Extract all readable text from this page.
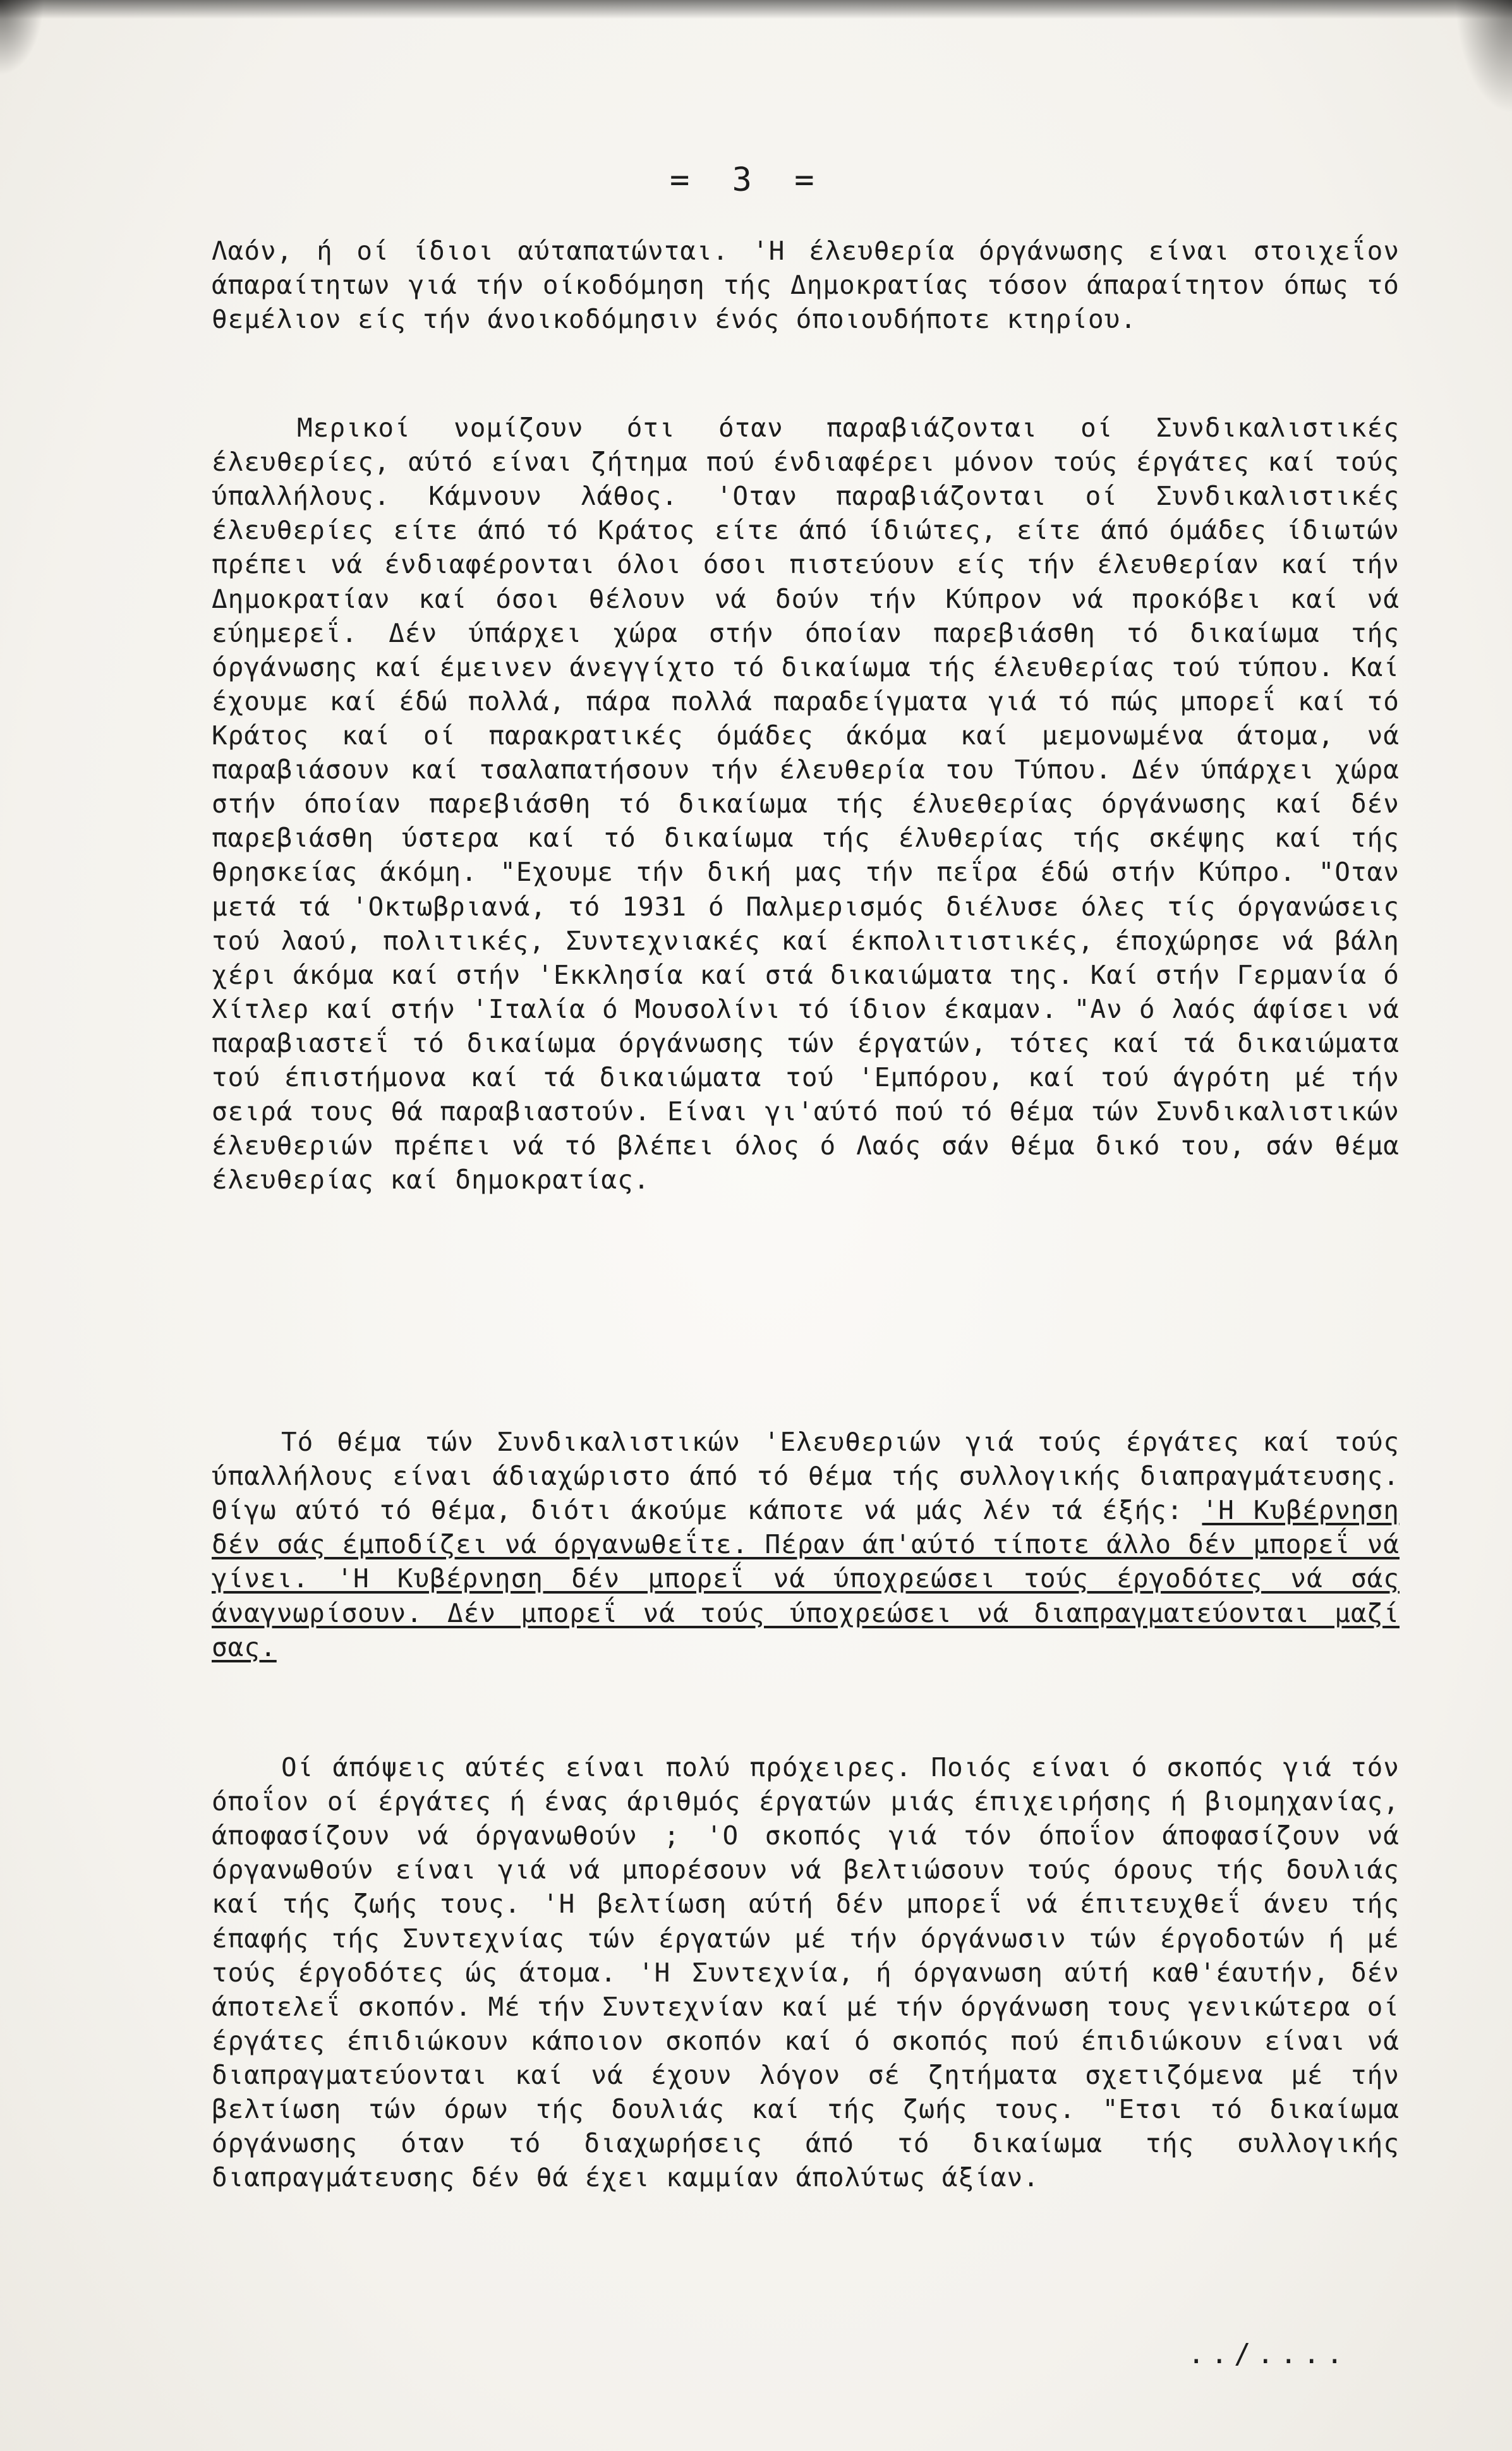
= 3 =
Λαόν, ή οί ίδιοι αύταπατώνται. 'Η έλευθερία όργάνωσης είναι στοιχεΐον άπαραίτητων γιά τήν οίκοδόμηση τής Δημοκρατίας τόσον άπαραίτητον όπως τό θεμέλιον είς τήν άνοικοδόμησιν ένός όποιουδήποτε κτηρίου.
Μερικοί νομίζουν ότι όταν παραβιάζονται οί Συνδικαλιστικές έλευθερίες, αύτό είναι ζήτημα πού ένδιαφέρει μόνον τούς έργάτες καί τούς ύπαλλήλους. Κάμνουν λάθος. 'Οταν παραβιάζονται οί Συνδικαλιστικές έλευθερίες είτε άπό τό Κράτος είτε άπό ίδιώτες, είτε άπό όμάδες ίδιωτών πρέπει νά ένδιαφέρονται όλοι όσοι πιστεύουν είς τήν έλευθερίαν καί τήν Δημοκρατίαν καί όσοι θέλουν νά δούν τήν Κύπρον νά προκόβει καί νά εύημερεΐ. Δέν ύπάρχει χώρα στήν όποίαν παρεβιάσθη τό δικαίωμα τής όργάνωσης καί έμεινεν άνεγγίχτο τό δικαίωμα τής έλευθερίας τού τύπου. Καί έχουμε καί έδώ πολλά, πάρα πολλά παραδείγματα γιά τό πώς μπορεΐ καί τό Κράτος καί οί παρακρατικές όμάδες άκόμα καί μεμονωμένα άτομα, νά παραβιάσουν καί τσαλαπατήσουν τήν έλευθερία του Τύπου. Δέν ύπάρχει χώρα στήν όποίαν παρεβιάσθη τό δικαίωμα τής έλυεθερίας όργάνωσης καί δέν παρεβιάσθη ύστερα καί τό δικαίωμα τής έλυθερίας τής σκέψης καί τής θρησκείας άκόμη. "Εχουμε τήν δική μας τήν πεΐρα έδώ στήν Κύπρο. "Οταν μετά τά 'Οκτωβριανά, τό 1931 ό Παλμερισμός διέλυσε όλες τίς όργανώσεις τού λαού, πολιτικές, Συντεχνιακές καί έκπολιτιστικές, έποχώρησε νά βάλη χέρι άκόμα καί στήν 'Εκκλησία καί στά δικαιώματα της. Καί στήν Γερμανία ό Χίτλερ καί στήν 'Ιταλία ό Μουσολίνι τό ίδιον έκαμαν. "Αν ό λαός άφίσει νά παραβιαστεΐ τό δικαίωμα όργάνωσης τών έργατών, τότες καί τά δικαιώματα τού έπιστήμονα καί τά δικαιώματα τού 'Εμπόρου, καί τού άγρότη μέ τήν σειρά τους θά παραβιαστούν. Είναι γι'αύτό πού τό θέμα τών Συνδικαλιστικών έλευθεριών πρέπει νά τό βλέπει όλος ό Λαός σάν θέμα δικό του, σάν θέμα έλευθερίας καί δημοκρατίας.
Τό θέμα τών Συνδικαλιστικών 'Ελευθεριών γιά τούς έργάτες καί τούς ύπαλλήλους είναι άδιαχώριστο άπό τό θέμα τής συλλογικής διαπραγμάτευσης. Θίγω αύτό τό θέμα, διότι άκούμε κάποτε νά μάς λέν τά έξής: 'Η Κυβέρνηση δέν σάς έμποδίζει νά όργανωθεΐτε. Πέραν άπ'αύτό τίποτε άλλο δέν μπορεΐ νά γίνει. 'Η Κυβέρνηση δέν μπορεΐ νά ύποχρεώσει τούς έργοδότες νά σάς άναγνωρίσουν. Δέν μπορεΐ νά τούς ύποχρεώσει νά διαπραγματεύονται μαζί σας.
Οί άπόψεις αύτές είναι πολύ πρόχειρες. Ποιός είναι ό σκοπός γιά τόν όποΐον οί έργάτες ή ένας άριθμός έργατών μιάς έπιχειρήσης ή βιομηχανίας, άποφασίζουν νά όργανωθούν ; 'Ο σκοπός γιά τόν όποΐον άποφασίζουν νά όργανωθούν είναι γιά νά μπορέσουν νά βελτιώσουν τούς όρους τής δουλιάς καί τής ζωής τους. 'Η βελτίωση αύτή δέν μπορεΐ νά έπιτευχθεΐ άνευ τής έπαφής τής Συντεχνίας τών έργατών μέ τήν όργάνωσιν τών έργοδοτών ή μέ τούς έργοδότες ώς άτομα. 'Η Συντεχνία, ή όργανωση αύτή καθ'έαυτήν, δέν άποτελεΐ σκοπόν. Μέ τήν Συντεχνίαν καί μέ τήν όργάνωση τους γενικώτερα οί έργάτες έπιδιώκουν κάποιον σκοπόν καί ό σκοπός πού έπιδιώκουν είναι νά διαπραγματεύονται καί νά έχουν λόγον σέ ζητήματα σχετιζόμενα μέ τήν βελτίωση τών όρων τής δουλιάς καί τής ζωής τους. "Ετσι τό δικαίωμα όργάνωσης όταν τό διαχωρήσεις άπό τό δικαίωμα τής συλλογικής διαπραγμάτευσης δέν θά έχει καμμίαν άπολύτως άξίαν.
../....
